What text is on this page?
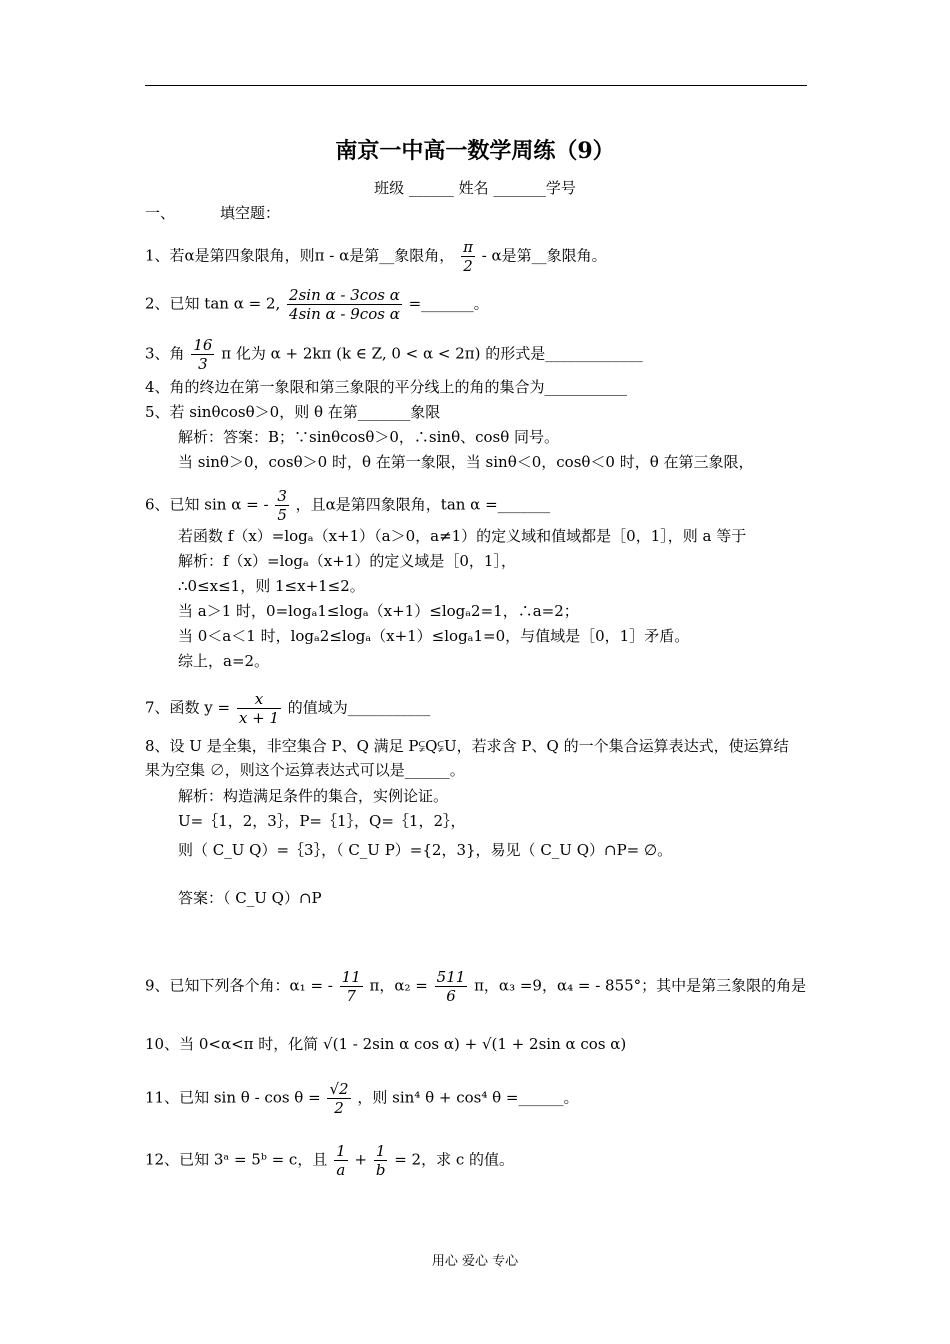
南京一中高一数学周练（9）
班级 ______ 姓名 _______学号
一、	填空题：
1、若α是第四象限角，则π - α是第__象限角， $\frac{\pi}{2}$ - α是第__象限角。
2、已知 tan α = 2, $\frac{\text{2sin α - 3cos α}}{\text{4sin α - 9cos α}}$ =_______。
3、角 $\frac{16}{3}$ π 化为 α + 2kπ (k ∈ Z, 0 < α < 2π) 的形式是_____________
4、角的终边在第一象限和第三象限的平分线上的角的集合为___________
5、若 sinθcosθ＞0，则 θ 在第_______象限
解析：答案：B；∵sinθcosθ＞0，∴sinθ、cosθ 同号。
当 sinθ＞0，cosθ＞0 时，θ 在第一象限，当 sinθ＜0，cosθ＜0 时，θ 在第三象限，
6、已知 sin α = - $\frac{3}{5}$ ，且α是第四象限角，tan α =_______
若函数 f（x）=logₐ（x+1）（a＞0，a≠1）的定义域和值域都是［0，1］，则 a 等于
解析：f（x）=logₐ（x+1）的定义域是［0，1］，
∴0≤x≤1，则 1≤x+1≤2。
当 a＞1 时，0=logₐ1≤logₐ（x+1）≤logₐ2=1，∴a=2；
当 0＜a＜1 时，logₐ2≤logₐ（x+1）≤logₐ1=0，与值域是［0，1］矛盾。
综上，a=2。
7、函数 $y = \frac{x}{x + 1}$ 的值域为___________
8、设 U 是全集，非空集合 P、Q 满足 P⫋Q⫋U，若求含 P、Q 的一个集合运算表达式，使运算结
果为空集 ∅，则这个运算表达式可以是______。
解析：构造满足条件的集合，实例论证。
U=｛1，2，3｝，P=｛1｝，Q=｛1，2｝，
则（ C_U Q）=｛3｝，（ C_U P）={2，3}，易见（ C_U Q）∩P= ∅。
答案：（ C_U Q）∩P
9、已知下列各个角：α₁ = - $\frac{11}{7}$ π，$\alpha_2 = \frac{511}{6}$ π，α₃ =9，α₄ = - 855°；其中是第三象限的角是
10、当 0<α<π 时，化简 √(1 - 2sin α cos α) + √(1 + 2sin α cos α)
11、已知 $\sin \theta - \cos \theta = \frac{√2}{2}$ ，则 sin⁴ θ + cos⁴ θ =______。
12、已知 3ᵃ = 5ᵇ = c，且 $\frac{1}{a} + \frac{1}{b} = 2$，求 c 的值。
用心 爱心 专心
